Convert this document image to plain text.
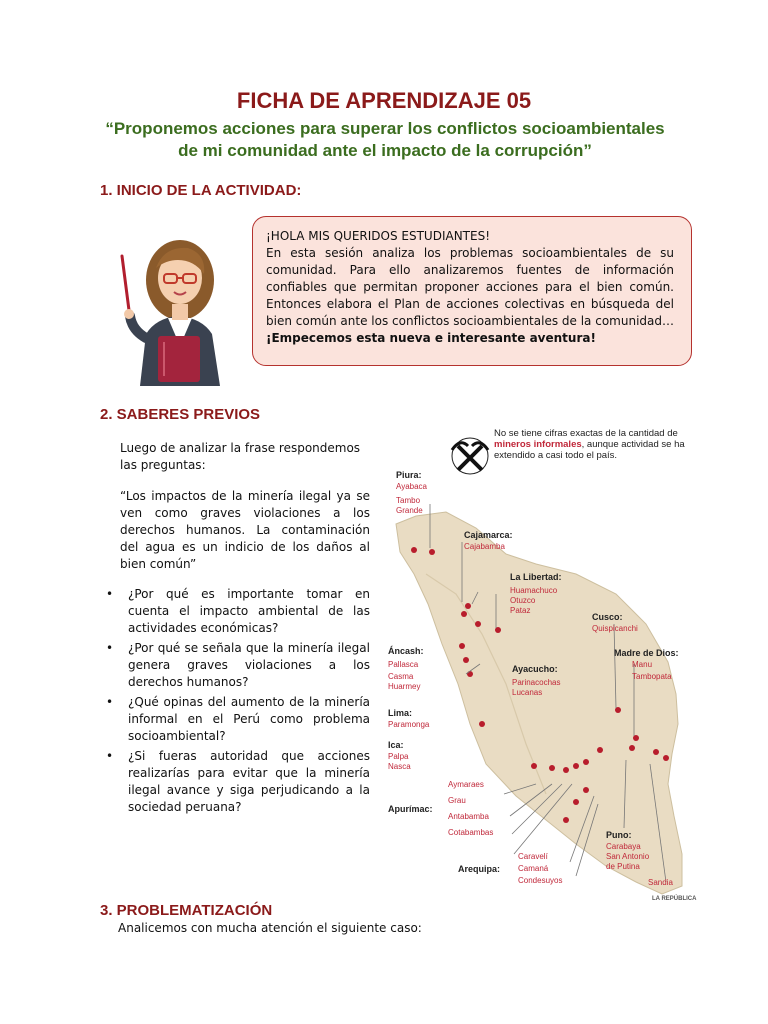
FICHA DE APRENDIZAJE 05
“Proponemos acciones para superar los conflictos socioambientales
de mi comunidad ante el impacto de la corrupción”
1. INICIO DE LA ACTIVIDAD:
¡HOLA MIS QUERIDOS ESTUDIANTES!
En esta sesión analiza los problemas socioambientales de su comunidad. Para ello analizaremos fuentes de información confiables que permitan proponer acciones para el bien común. Entonces elabora el Plan de acciones colectivas en búsqueda del bien común ante los conflictos socioambientales de la comunidad… ¡Empecemos esta nueva e interesante aventura!
2. SABERES PREVIOS
Luego de analizar la frase respondemos las preguntas:
“Los impactos de la minería ilegal ya se ven como graves violaciones a los derechos humanos. La contaminación del agua es un indicio de los daños al bien común”
• ¿Por qué es importante tomar en cuenta el impacto ambiental de las actividades económicas?
• ¿Por qué se señala que la minería ilegal genera graves violaciones a los derechos humanos?
• ¿Qué opinas del aumento de la minería informal en el Perú como problema socioambiental?
• ¿Si fueras autoridad que acciones realizarías para evitar que la minería ilegal avance y siga perjudicando a la sociedad peruana?
No se tiene cifras exactas de la cantidad de mineros informales, aunque actividad se ha extendido a casi todo el país.
Piura:
Ayabaca
Tambo
Grande
Cajamarca:
Cajabamba
La Libertad:
Huamachuco
Otuzco
Pataz
Cusco:
Quispicanchi
Madre de Dios:
Manu
Tambopata
Áncash:
Pallasca
Casma
Huarmey
Ayacucho:
Parinacochas
Lucanas
Lima:
Paramonga
Ica:
Palpa
Nasca
Apurímac:
Aymaraes
Grau
Antabamba
Cotabambas	Puno:
Carabaya
San Antonio
de Putina
Sandia
Arequipa:
Caravelí
Camaná
Condesuyos
LA REPÚBLICA
3. PROBLEMATIZACIÓN
Analicemos con mucha atención el siguiente caso:
